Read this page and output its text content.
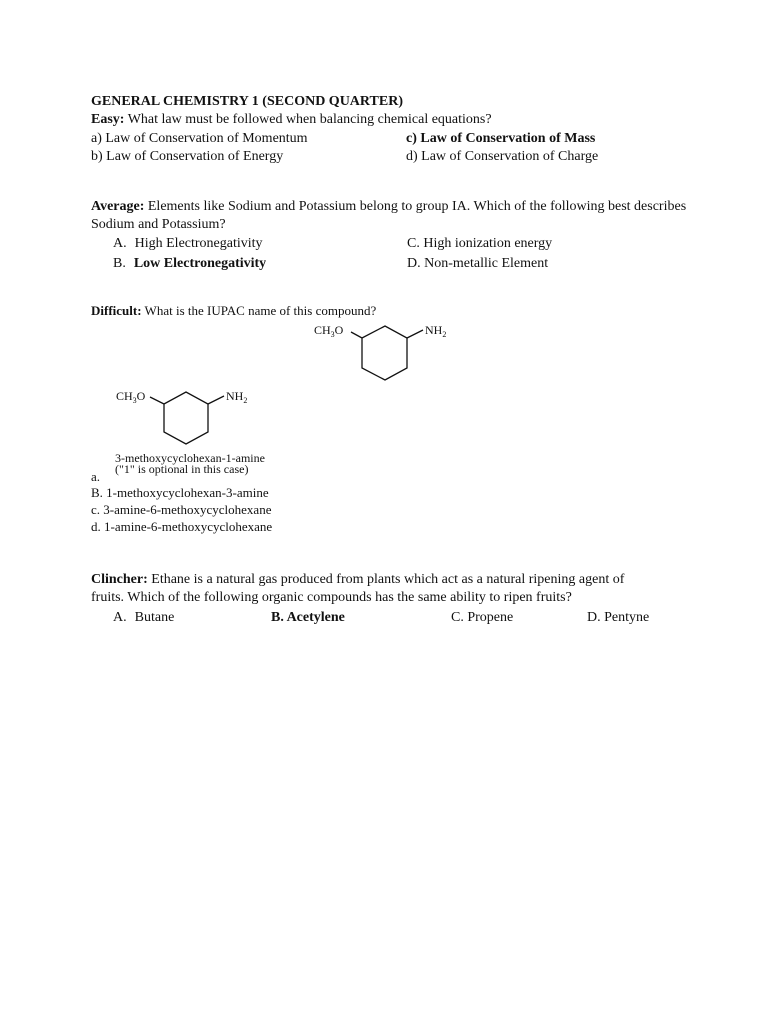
GENERAL CHEMISTRY 1 (SECOND QUARTER)
Easy: What law must be followed when balancing chemical equations?
a) Law of Conservation of Momentum	c) Law of Conservation of Mass
b) Law of Conservation of Energy	d) Law of Conservation of Charge
Average: Elements like Sodium and Potassium belong to group IA. Which of the following best describes
Sodium and Potassium?
A. High Electronegativity	C. High ionization energy
B. Low Electronegativity	D. Non-metallic Element
Difficult: What is the IUPAC name of this compound?
$CH_3O$	$NH_2$
$CH_3O$	$NH_2$
3-methoxycyclohexan-1-amine
("1" is optional in this case)
a.
B. 1-methoxycyclohexan-3-amine
c. 3-amine-6-methoxycyclohexane
d. 1-amine-6-methoxycyclohexane
Clincher: Ethane is a natural gas produced from plants which act as a natural ripening agent of
fruits. Which of the following organic compounds has the same ability to ripen fruits?
A. Butane	B. Acetylene	C. Propene	D. Pentyne
